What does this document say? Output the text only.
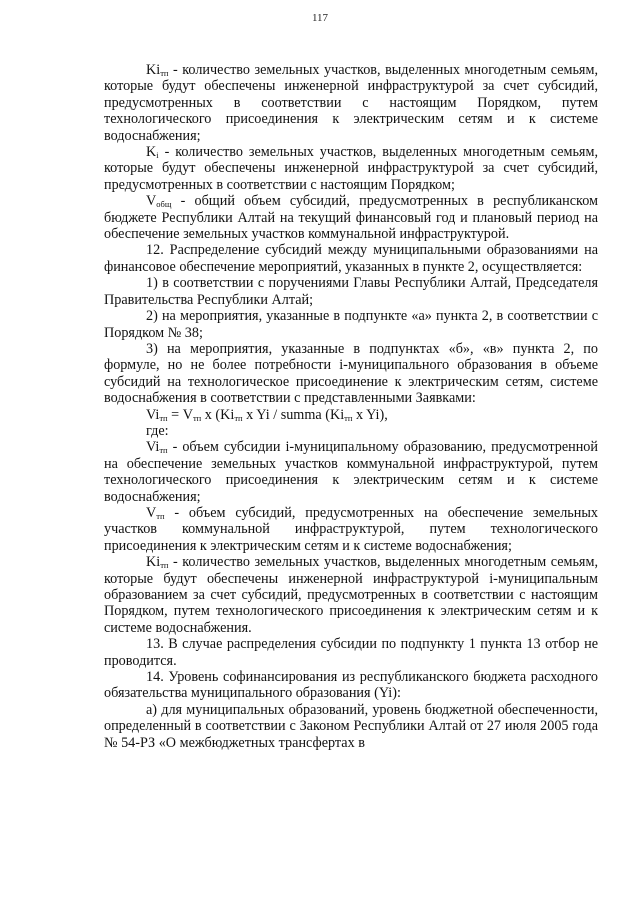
117

$Ki_{тп}$ - количество земельных участков, выделенных многодетным семьям, которые будут обеспечены инженерной инфраструктурой за счет субсидий, предусмотренных в соответствии с настоящим Порядком, путем технологического присоединения к электрическим сетям и к системе водоснабжения;

$K_i$ - количество земельных участков, выделенных многодетным семьям, которые будут обеспечены инженерной инфраструктурой за счет субсидий, предусмотренных в соответствии с настоящим Порядком;

$V_{общ}$ - общий объем субсидий, предусмотренных в республиканском бюджете Республики Алтай на текущий финансовый год и плановый период на обеспечение земельных участков коммунальной инфраструктурой.

12. Распределение субсидий между муниципальными образованиями на финансовое обеспечение мероприятий, указанных в пункте 2, осуществляется:

1) в соответствии с поручениями Главы Республики Алтай, Председателя Правительства Республики Алтай;

2) на мероприятия, указанные в подпункте «а» пункта 2, в соответствии с Порядком № 38;

3) на мероприятия, указанные в подпунктах «б», «в» пункта 2, по формуле, но не более потребности i-муниципального образования в объеме субсидий на технологическое присоединение к электрическим сетям, системе водоснабжения в соответствии с представленными Заявками:

$Vi_{тп} = V_{тп}$ x ($Ki_{тп}$ x Yi / summa ($Ki_{тп}$ x Yi),

где:

$Vi_{тп}$ - объем субсидии i-муниципальному образованию, предусмотренной на обеспечение земельных участков коммунальной инфраструктурой, путем технологического присоединения к электрическим сетям и к системе водоснабжения;

$V_{тп}$ - объем субсидий, предусмотренных на обеспечение земельных участков коммунальной инфраструктурой, путем технологического присоединения к электрическим сетям и к системе водоснабжения;

$Ki_{тп}$ - количество земельных участков, выделенных многодетным семьям, которые будут обеспечены инженерной инфраструктурой i-муниципальным образованием за счет субсидий, предусмотренных в соответствии с настоящим Порядком, путем технологического присоединения к электрическим сетям и к системе водоснабжения.

13. В случае распределения субсидии по подпункту 1 пункта 13 отбор не проводится.

14. Уровень софинансирования из республиканского бюджета расходного обязательства муниципального образования (Yi):

а) для муниципальных образований, уровень бюджетной обеспеченности, определенный в соответствии с Законом Республики Алтай от 27 июля 2005 года № 54-РЗ «О межбюджетных трансфертах в
